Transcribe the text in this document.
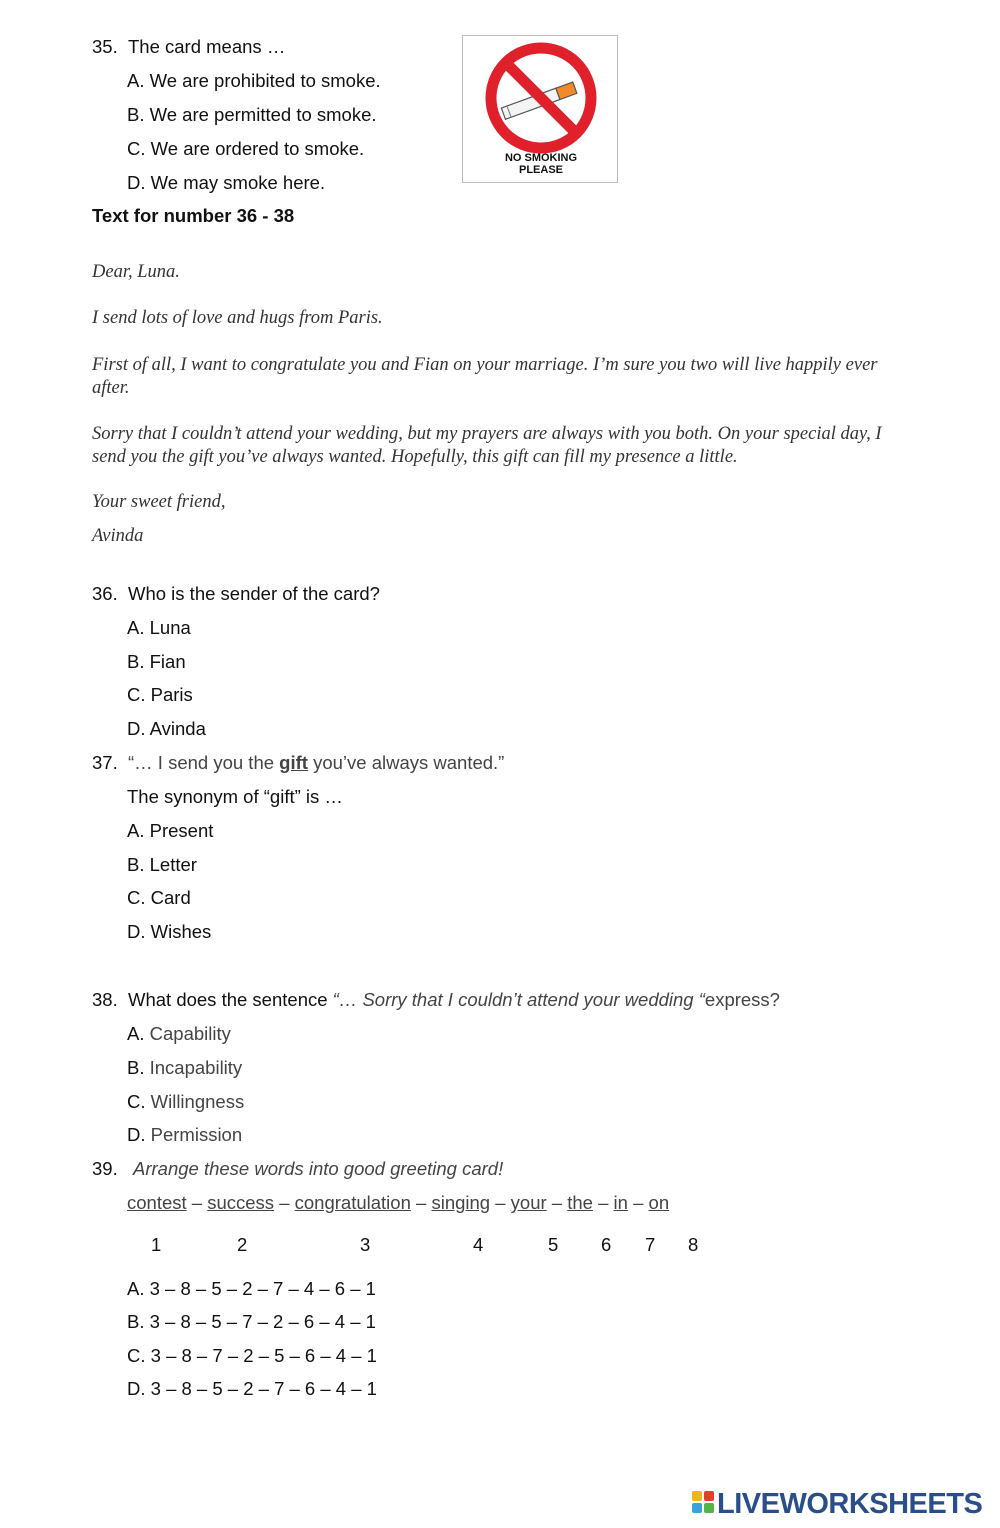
35. The card means …
A. We are prohibited to smoke.
B. We are permitted to smoke.
C. We are ordered to smoke.
D. We may smoke here.
NO SMOKING
PLEASE
Text for number 36 - 38
Dear, Luna.
I send lots of love and hugs from Paris.
First of all, I want to congratulate you and Fian on your marriage. I’m sure you two will live happily ever after.
Sorry that I couldn’t attend your wedding, but my prayers are always with you both. On your special day, I send you the gift you’ve always wanted. Hopefully, this gift can fill my presence a little.
Your sweet friend,
Avinda
36. Who is the sender of the card?
A. Luna
B. Fian
C. Paris
D. Avinda
37. “… I send you the gift you’ve always wanted.”
The synonym of “gift” is …
A. Present
B. Letter
C. Card
D. Wishes
38. What does the sentence “… Sorry that I couldn’t attend your wedding “express?
A. Capability
B. Incapability
C. Willingness
D. Permission
39. Arrange these words into good greeting card!
contest – success – congratulation – singing – your – the – in – on
1	2	3	4	5 6 7 8
A. 3 – 8 – 5 – 2 – 7 – 4 – 6 – 1
B. 3 – 8 – 5 – 7 – 2 – 6 – 4 – 1
C. 3 – 8 – 7 – 2 – 5 – 6 – 4 – 1
D. 3 – 8 – 5 – 2 – 7 – 6 – 4 – 1
LIVEWORKSHEETS
